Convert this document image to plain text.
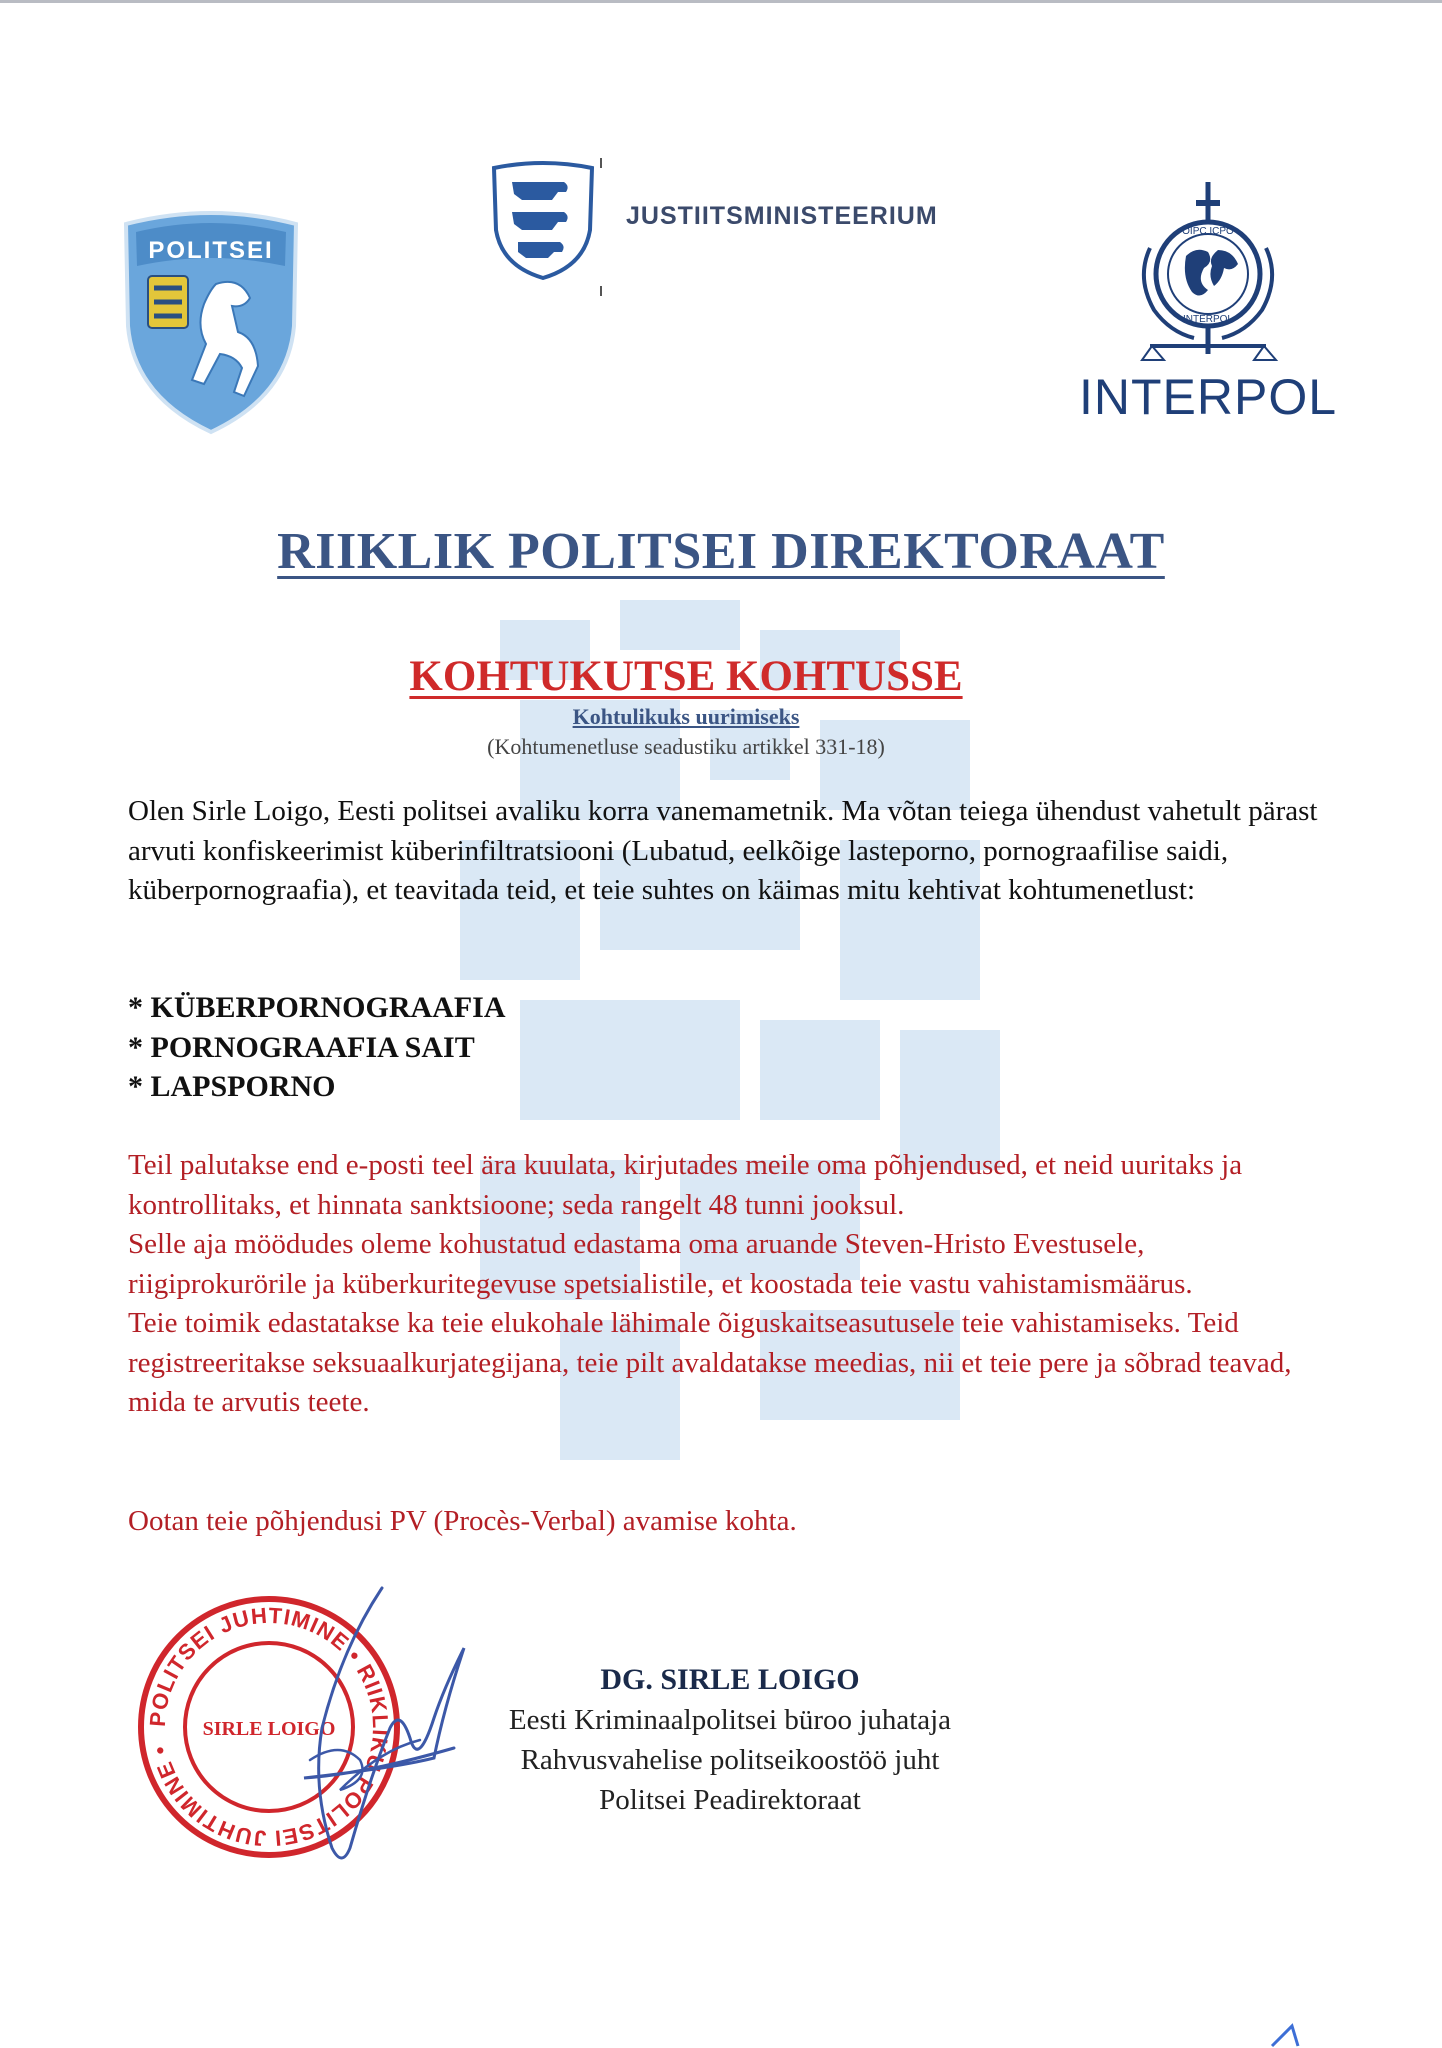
POLITSEI
JUSTIITSMINISTEERIUM
OIPC ICPO
INTERPOL
INTERPOL
RIIKLIK POLITSEI DIREKTORAAT
KOHTUKUTSE KOHTUSSE
Kohtulikuks uurimiseks
(Kohtumenetluse seadustiku artikkel 331-18)

Olen Sirle Loigo, Eesti politsei avaliku korra vanemametnik. Ma võtan teiega ühendust vahetult pärast arvuti konfiskeerimist küberinfiltratsiooni (Lubatud, eelkõige lasteporno, pornograafilise saidi, küberpornograafia), et teavitada teid, et teie suhtes on käimas mitu kehtivat kohtumenetlust:

* KÜBERPORNOGRAAFIA
* PORNOGRAAFIA SAIT
* LAPSPORNO
Teil palutakse end e-posti teel ära kuulata, kirjutades meile oma põhjendused, et neid uuritaks ja kontrollitaks, et hinnata sanktsioone; seda rangelt 48 tunni jooksul.
Selle aja möödudes oleme kohustatud edastama oma aruande Steven-Hristo Evestusele, riigiprokurörile ja küberkuritegevuse spetsialistile, et koostada teie vastu vahistamismäärus.
Teie toimik edastatakse ka teie elukohale lähimale õiguskaitseasutusele teie vahistamiseks. Teid registreeritakse seksuaalkurjategijana, teie pilt avaldatakse meedias, nii et teie pere ja sõbrad teavad, mida te arvutis teete.

Ootan teie põhjendusi PV (Procès-Verbal) avamise kohta.

POLITSEI JUHTIMINE • RIIKLIKU POLITSEI JUHTIMINE •
SIRLE LOIGO
DG. SIRLE LOIGO
Eesti Kriminaalpolitsei büroo juhataja
Rahvusvahelise politseikoostöö juht
Politsei Peadirektoraat
